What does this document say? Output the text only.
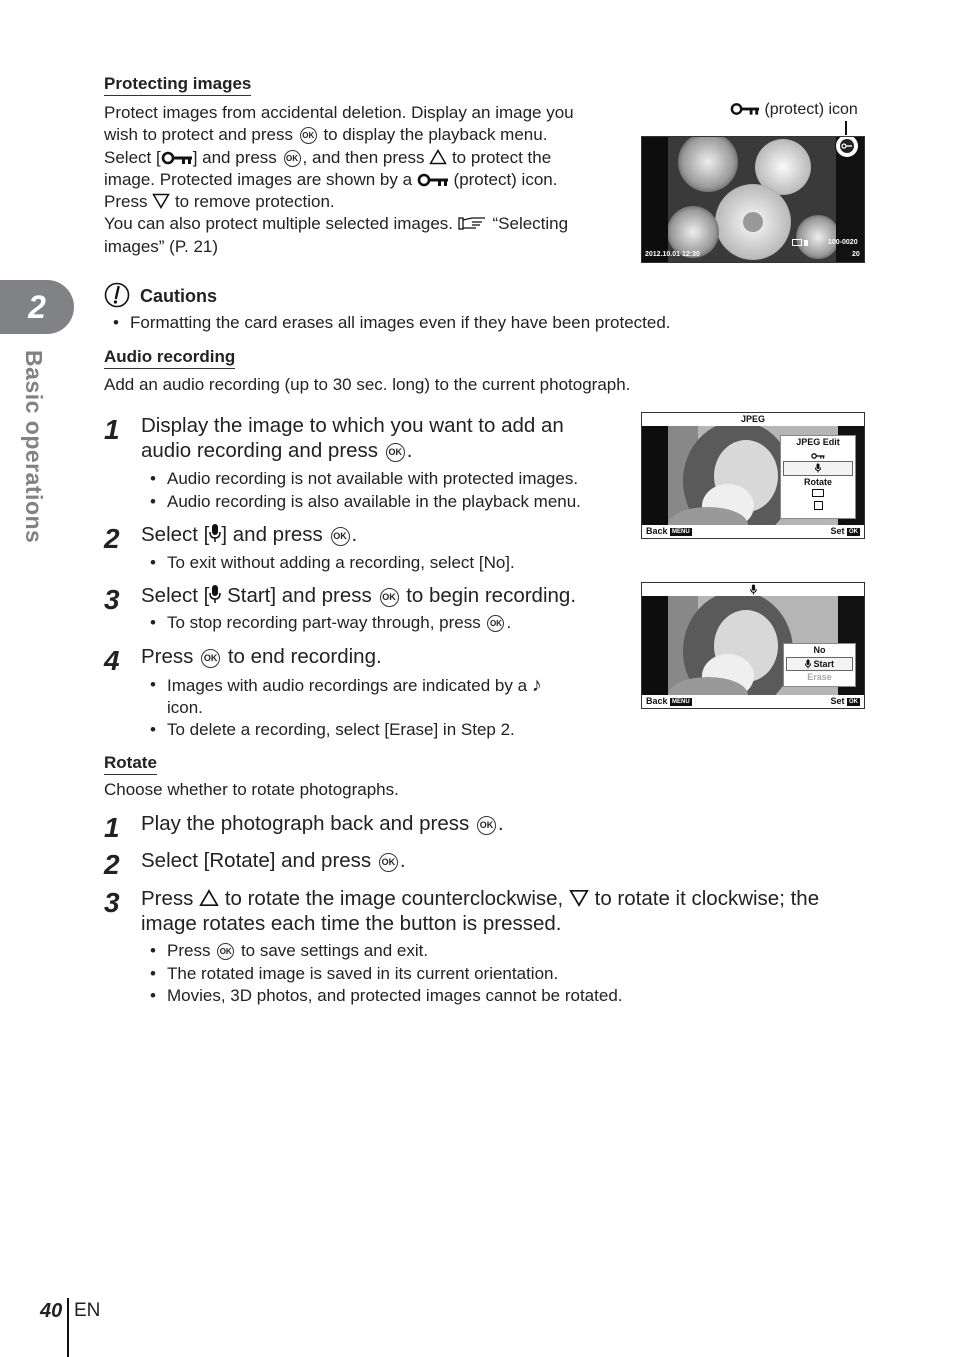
2
Basic operations
Protecting images
Protect images from accidental deletion. Display an image you
wish to protect and press OK to display the playback menu.
Select [ ] and press OK , and then press to protect the
image. Protected images are shown by a (protect) icon.
Press to remove protection.
You can also protect multiple selected images. “Selecting
images” (P. 21)
(protect) icon
2012.10.01 12:30

100-0020
20
Cautions
• Formatting the card erases all images even if they have been protected.
Audio recording
Add an audio recording (up to 30 sec. long) to the current photograph.
1 Display the image to which you want to add an
audio recording and press OK .
• Audio recording is not available with protected images.
• Audio recording is also available in the playback menu.
2 Select [ ] and press OK .
• To exit without adding a recording, select [No].
3 Select [ Start] and press OK to begin recording.
• To stop recording part-way through, press OK .
4 Press OK to end recording.
• Images with audio recordings are indicated by a ♪
icon.
• To delete a recording, select [Erase] in Step 2.
JPEG
JPEG Edit
Rotate
Back MENU	Set OK
No
Start
Erase
Back MENU	Set OK
Rotate
Choose whether to rotate photographs.
1 Play the photograph back and press OK .
2 Select [Rotate] and press OK .
3 Press to rotate the image counterclockwise, to rotate it clockwise; the
image rotates each time the button is pressed.
• Press OK to save settings and exit.
• The rotated image is saved in its current orientation.
• Movies, 3D photos, and protected images cannot be rotated.
40 EN
